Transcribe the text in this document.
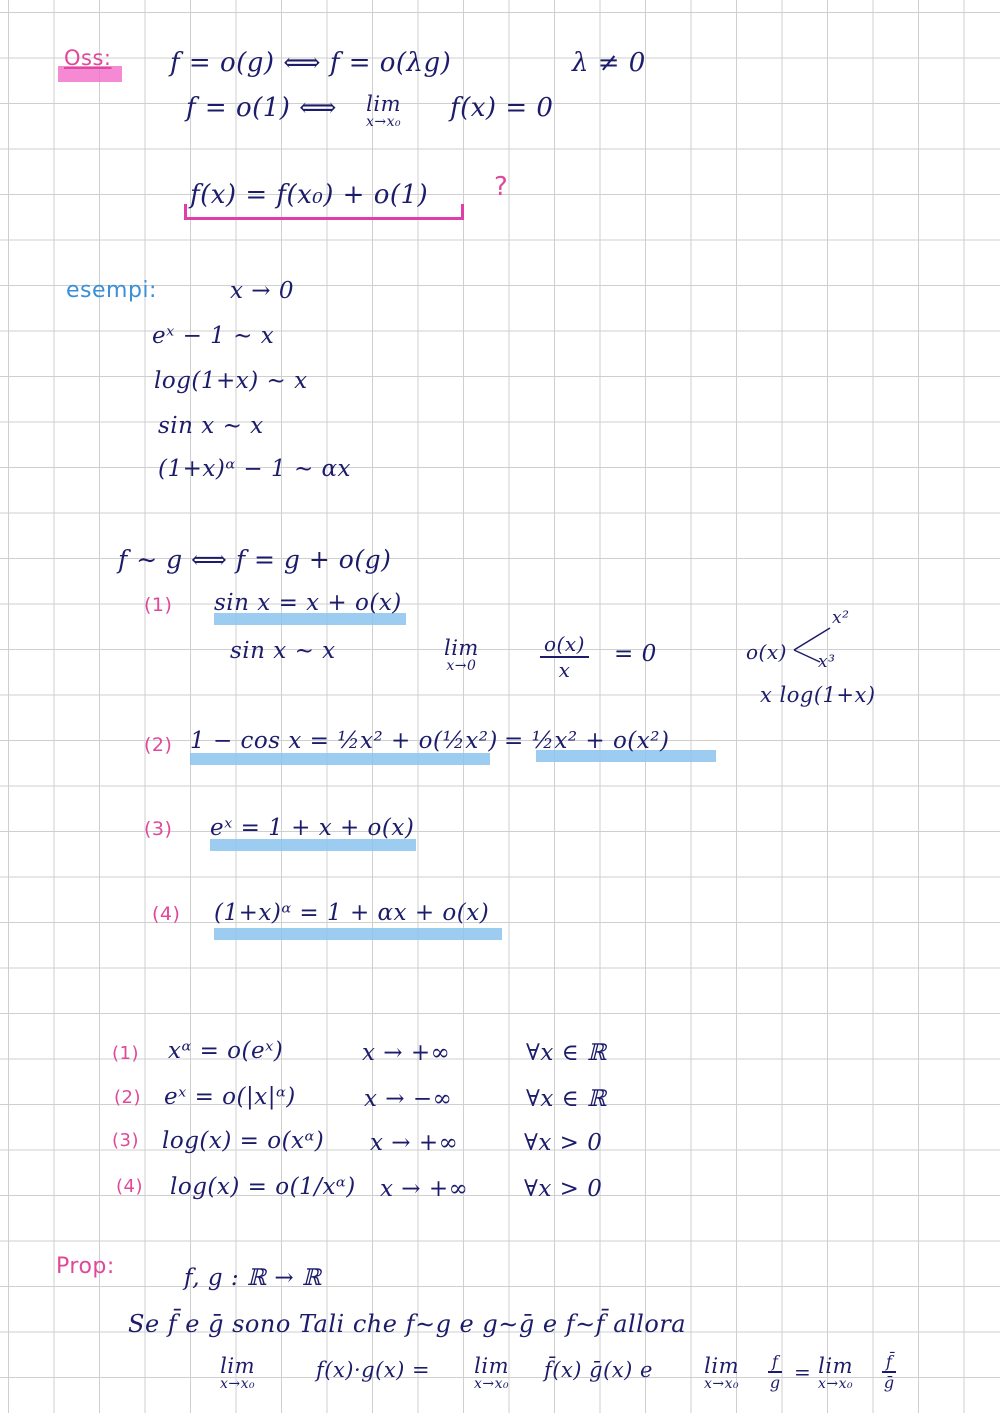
Oss: f = o(g) ⟺ f = o(λg)	λ ≠ 0
f = o(1) ⟺ lim
x→x₀ f(x) = 0
f(x) = f(x₀) + o(1)	?
esempi:	x → 0
eˣ − 1 ∼ x
log(1+x) ∼ x
sin x ∼ x
(1+x)ᵅ − 1 ∼ αx
f ∼ g ⟺ f = g + o(g)
(1) sin x = x + o(x)
sin x ∼ x	lim
x→0	$\frac{o(x)}{x} = 0$	o(x)
x²
x³
x log(1+x)
(2) 1 − cos x = ½x² + o(½x²) = ½x² + o(x²)
(3) eˣ = 1 + x + o(x)
(4) (1+x)ᵅ = 1 + αx + o(x)
(1) xᵅ = o(eˣ)	x → +∞	∀x ∈ ℝ
(2) eˣ = o(|x|ᵅ)	x → −∞	∀x ∈ ℝ
(3) log(x) = o(xᵅ) x → +∞	∀x > 0
(4) log(x) = o(1/xᵅ) x → +∞ ∀x > 0
Prop:	f, g : ℝ → ℝ
Se f̄ e ḡ sono Tali che f∼g e g∼ḡ e f∼f̄ allora
lim
x→x₀
f(x)·g(x) = lim
x→x₀
f̄(x) ḡ(x) e lim
$x\to x_0 \frac{f}{g} = \lim$
$x\to x_0 \frac{f̄}{\text{ḡ}}$
